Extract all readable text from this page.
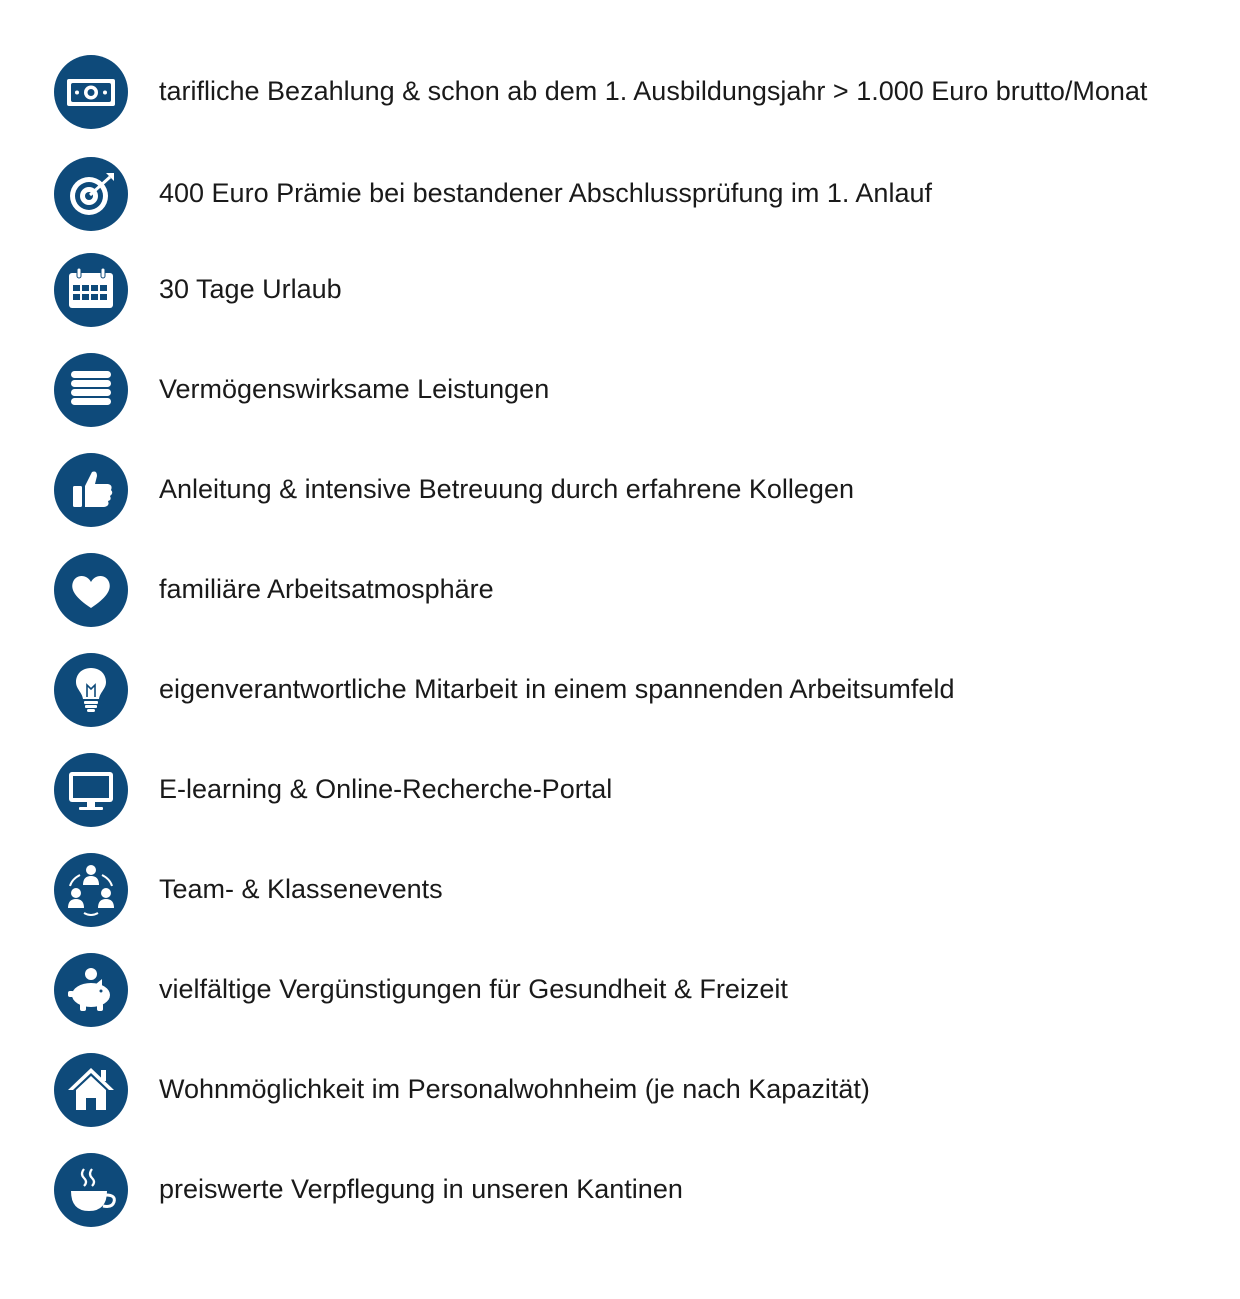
tarifliche Bezahlung & schon ab dem 1. Ausbildungsjahr > 1.000 Euro brutto/Monat
400 Euro Prämie bei bestandener Abschlussprüfung im 1. Anlauf
30 Tage Urlaub
Vermögenswirksame Leistungen
Anleitung & intensive Betreuung durch erfahrene Kollegen
familiäre Arbeitsatmosphäre
eigenverantwortliche Mitarbeit in einem spannenden Arbeitsumfeld
E-learning & Online-Recherche-Portal
Team- & Klassenevents
vielfältige Vergünstigungen für Gesundheit & Freizeit
Wohnmöglichkeit im Personalwohnheim (je nach Kapazität)
preiswerte Verpflegung in unseren Kantinen
